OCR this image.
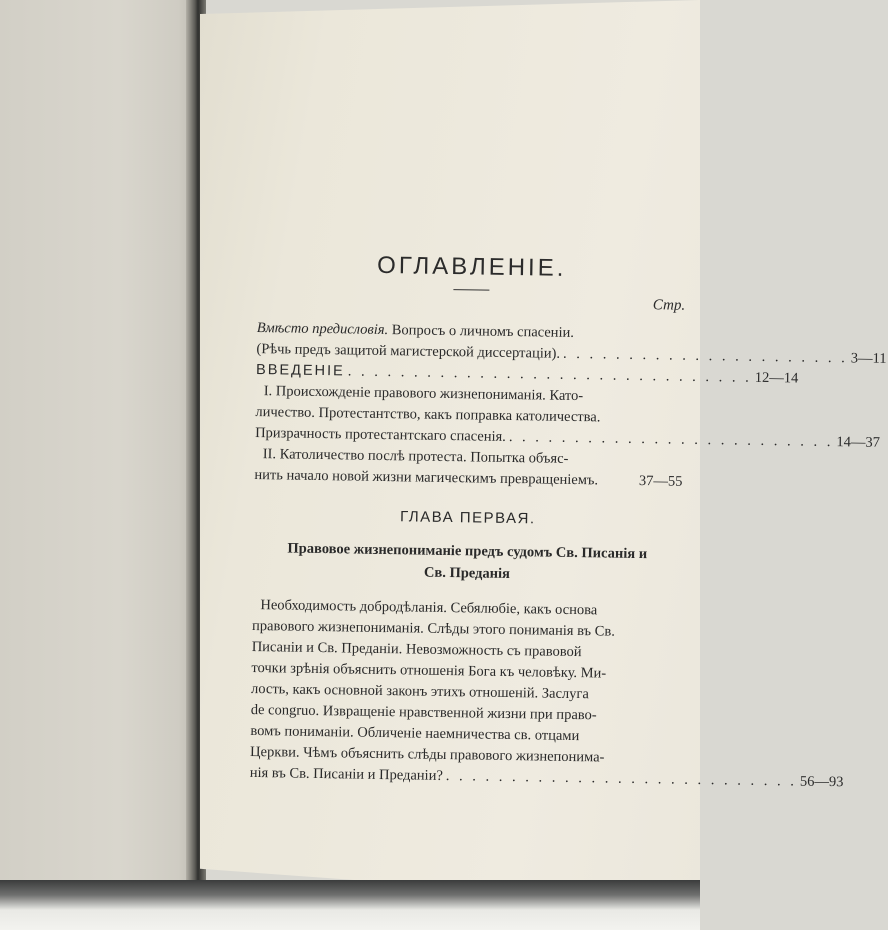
ОГЛАВЛЕНІЕ.
Стр.
Вмѣсто предисловія. Вопросъ о личномъ спасеніи.
(Рѣчь предъ защитой магистерской диссертаціи). . . . . . . . . . . . . . . . . . . . . . . 3—11
ВВЕДЕНІЕ . . . . . . . . . . . . . . . . . . . . . . . . . . . . . . . 12—14
I. Происхожденіе правового жизнепониманія. Като-
личество. Протестантство, какъ поправка католичества.
Призрачность протестантскаго спасенія. . . . . . . . . . . . . . . . . . . . . . . . . . 14—37
II. Католичество послѣ протеста. Попытка объяс-
нить начало новой жизни магическимъ превращеніемъ.	37—55
ГЛАВА ПЕРВАЯ.
Правовое жизнепониманіе предъ судомъ Св. Писанія и
Св. Преданія
Необходимость добродѣланія. Себялюбіе, какъ основа
правового жизнепониманія. Слѣды этого пониманія въ Св.
Писаніи и Св. Преданіи. Невозможность съ правовой
точки зрѣнія объяснить отношенія Бога къ человѣку. Ми-
лость, какъ основной законъ этихъ отношеній. Заслуга
de congruo. Извращеніе нравственной жизни при право-
вомъ пониманіи. Обличеніе наемничества св. отцами
Церкви. Чѣмъ объяснить слѣды правового жизнепонима-
нія въ Св. Писаніи и Преданіи? . . . . . . . . . . . . . . . . . . . . . . . . . . . 56—93
